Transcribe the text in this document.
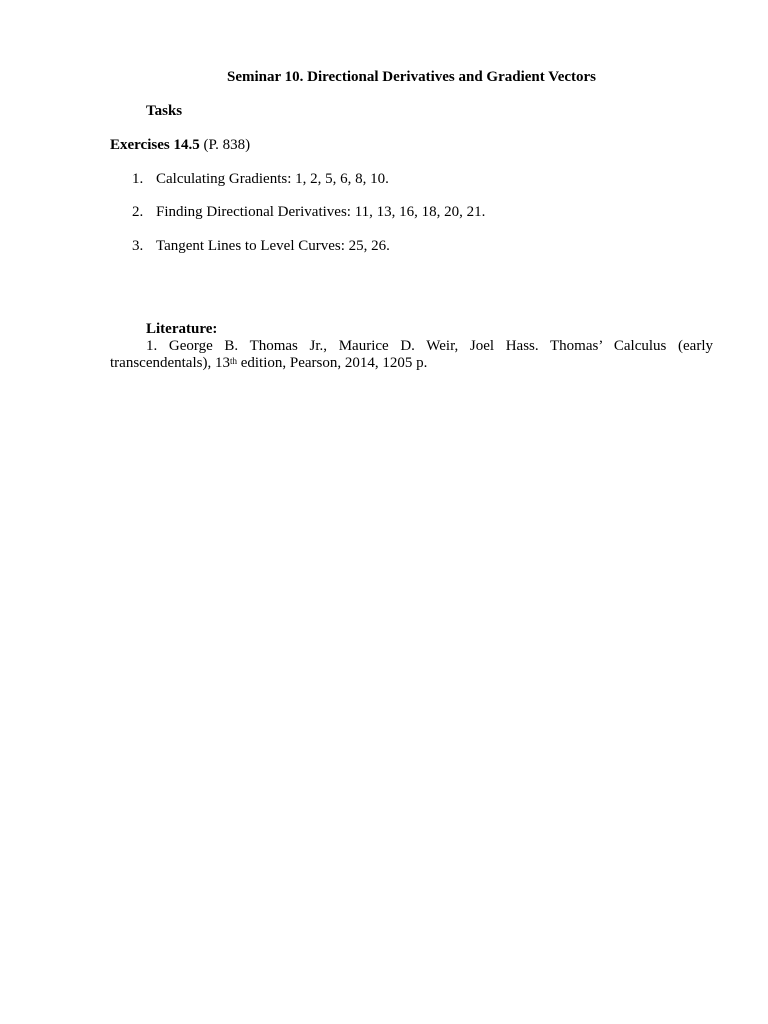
Seminar 10. Directional Derivatives and Gradient Vectors
Tasks
Exercises 14.5 (P. 838)
1. Calculating Gradients: 1, 2, 5, 6, 8, 10.
2. Finding Directional Derivatives: 11, 13, 16, 18, 20, 21.
3. Tangent Lines to Level Curves: 25, 26.
Literature:
1. George B. Thomas Jr., Maurice D. Weir, Joel Hass. Thomas’ Calculus (early transcendentals), 13th edition, Pearson, 2014, 1205 p.
